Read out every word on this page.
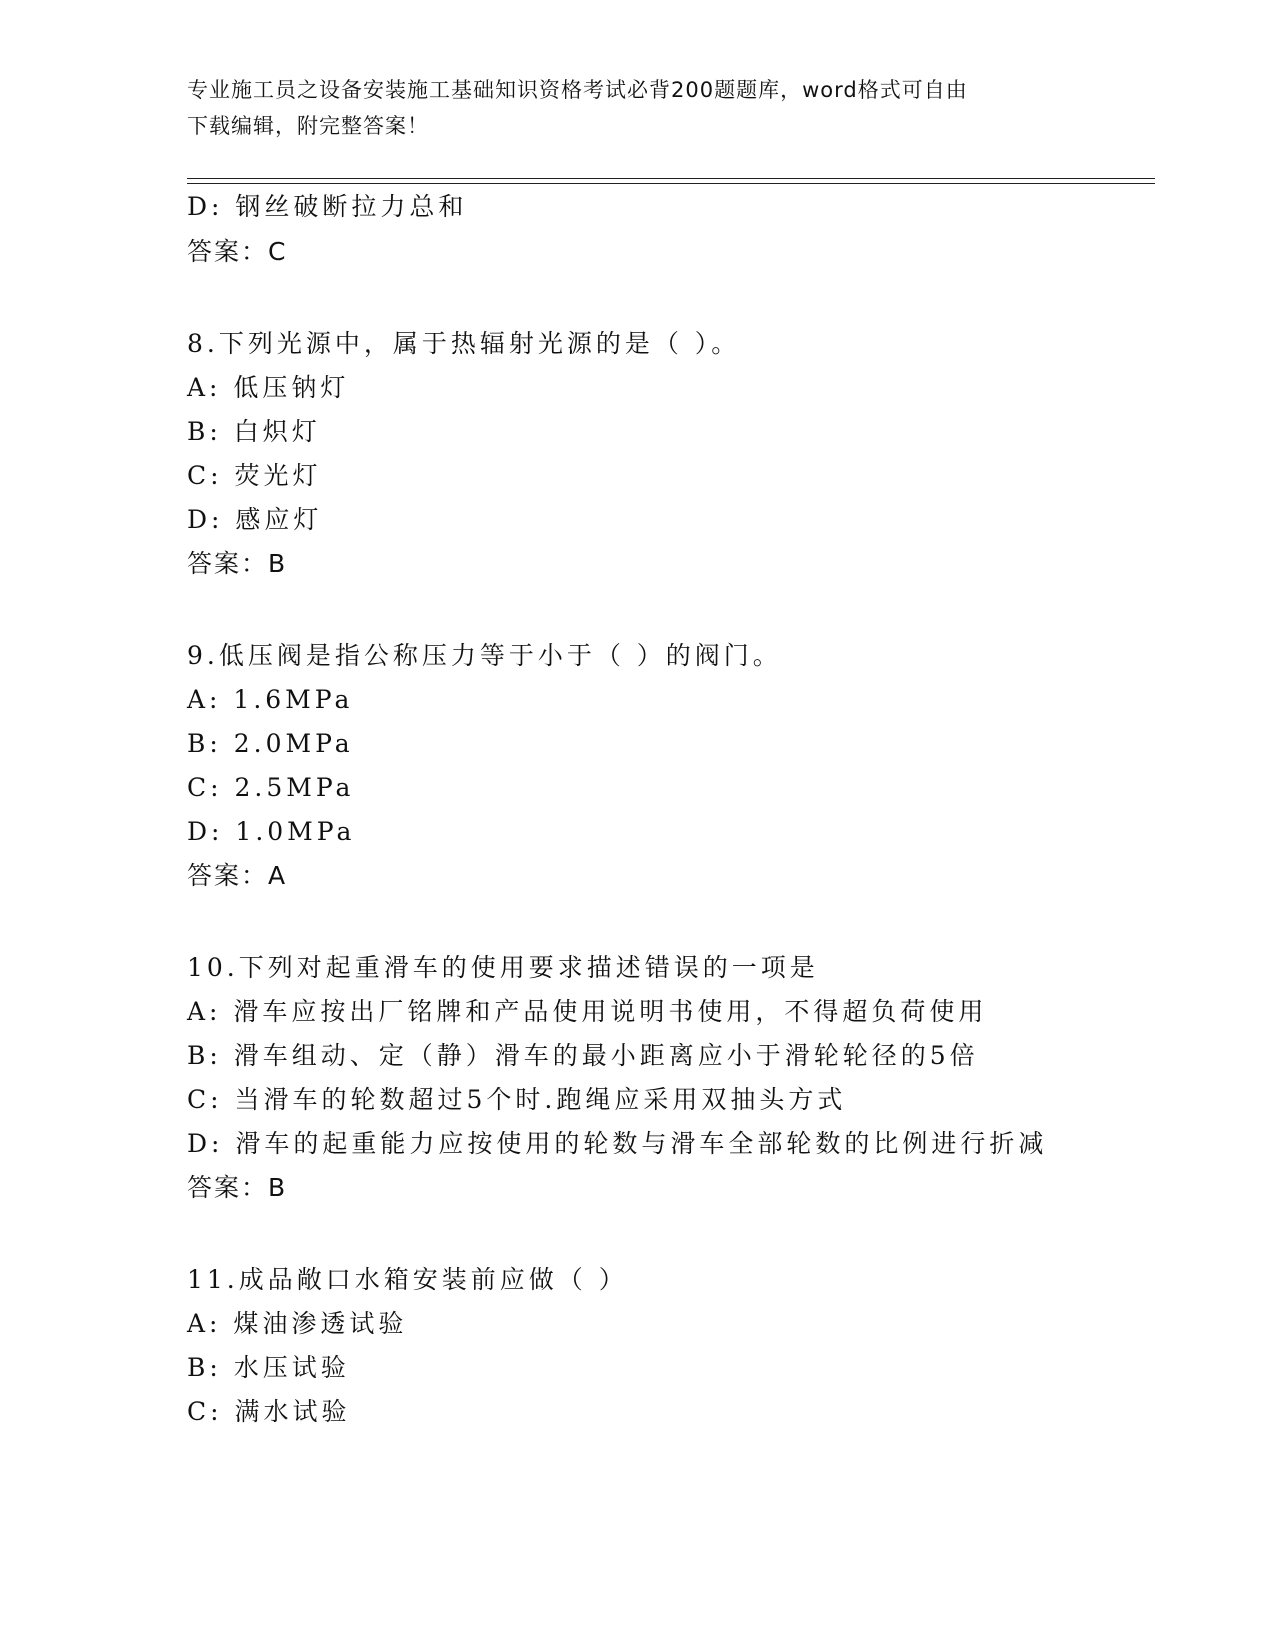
专业施工员之设备安装施工基础知识资格考试必背200题题库，word格式可自由
下载编辑，附完整答案！
D: 钢丝破断拉力总和
答案：C
8.下列光源中，属于热辐射光源的是（ ）。
A: 低压钠灯
B: 白炽灯
C: 荧光灯
D: 感应灯
答案：B
9.低压阀是指公称压力等于小于（ ）的阀门。
A: 1.6MPa
B: 2.0MPa
C: 2.5MPa
D: 1.0MPa
答案：A
10.下列对起重滑车的使用要求描述错误的一项是
A: 滑车应按出厂铭牌和产品使用说明书使用，不得超负荷使用
B: 滑车组动、定（静）滑车的最小距离应小于滑轮轮径的5倍
C: 当滑车的轮数超过5个时.跑绳应采用双抽头方式
D: 滑车的起重能力应按使用的轮数与滑车全部轮数的比例进行折减
答案：B
11.成品敞口水箱安装前应做（ ）
A: 煤油渗透试验
B: 水压试验
C: 满水试验
